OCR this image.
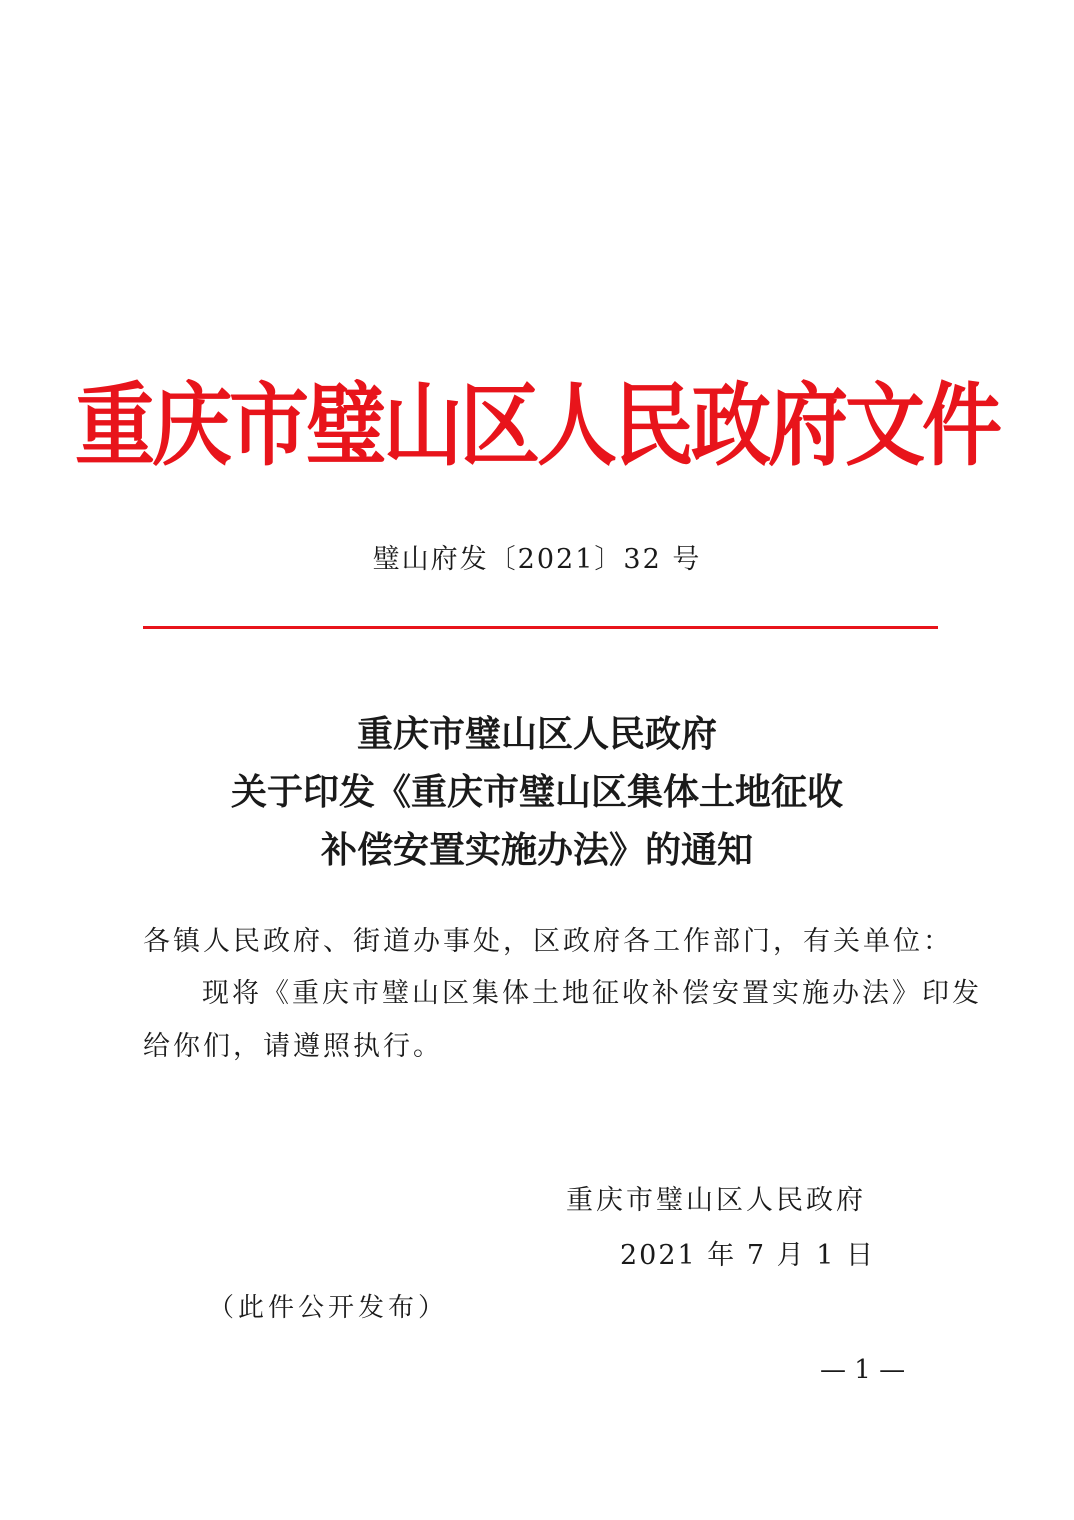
重庆市璧山区人民政府文件
璧山府发〔2021〕32 号
重庆市璧山区人民政府
关于印发《重庆市璧山区集体土地征收
补偿安置实施办法》的通知
各镇人民政府、街道办事处，区政府各工作部门，有关单位：
现将《重庆市璧山区集体土地征收补偿安置实施办法》印发
给你们，请遵照执行。
重庆市璧山区人民政府
2021 年 7 月 1 日
（此件公开发布）
— 1 —
